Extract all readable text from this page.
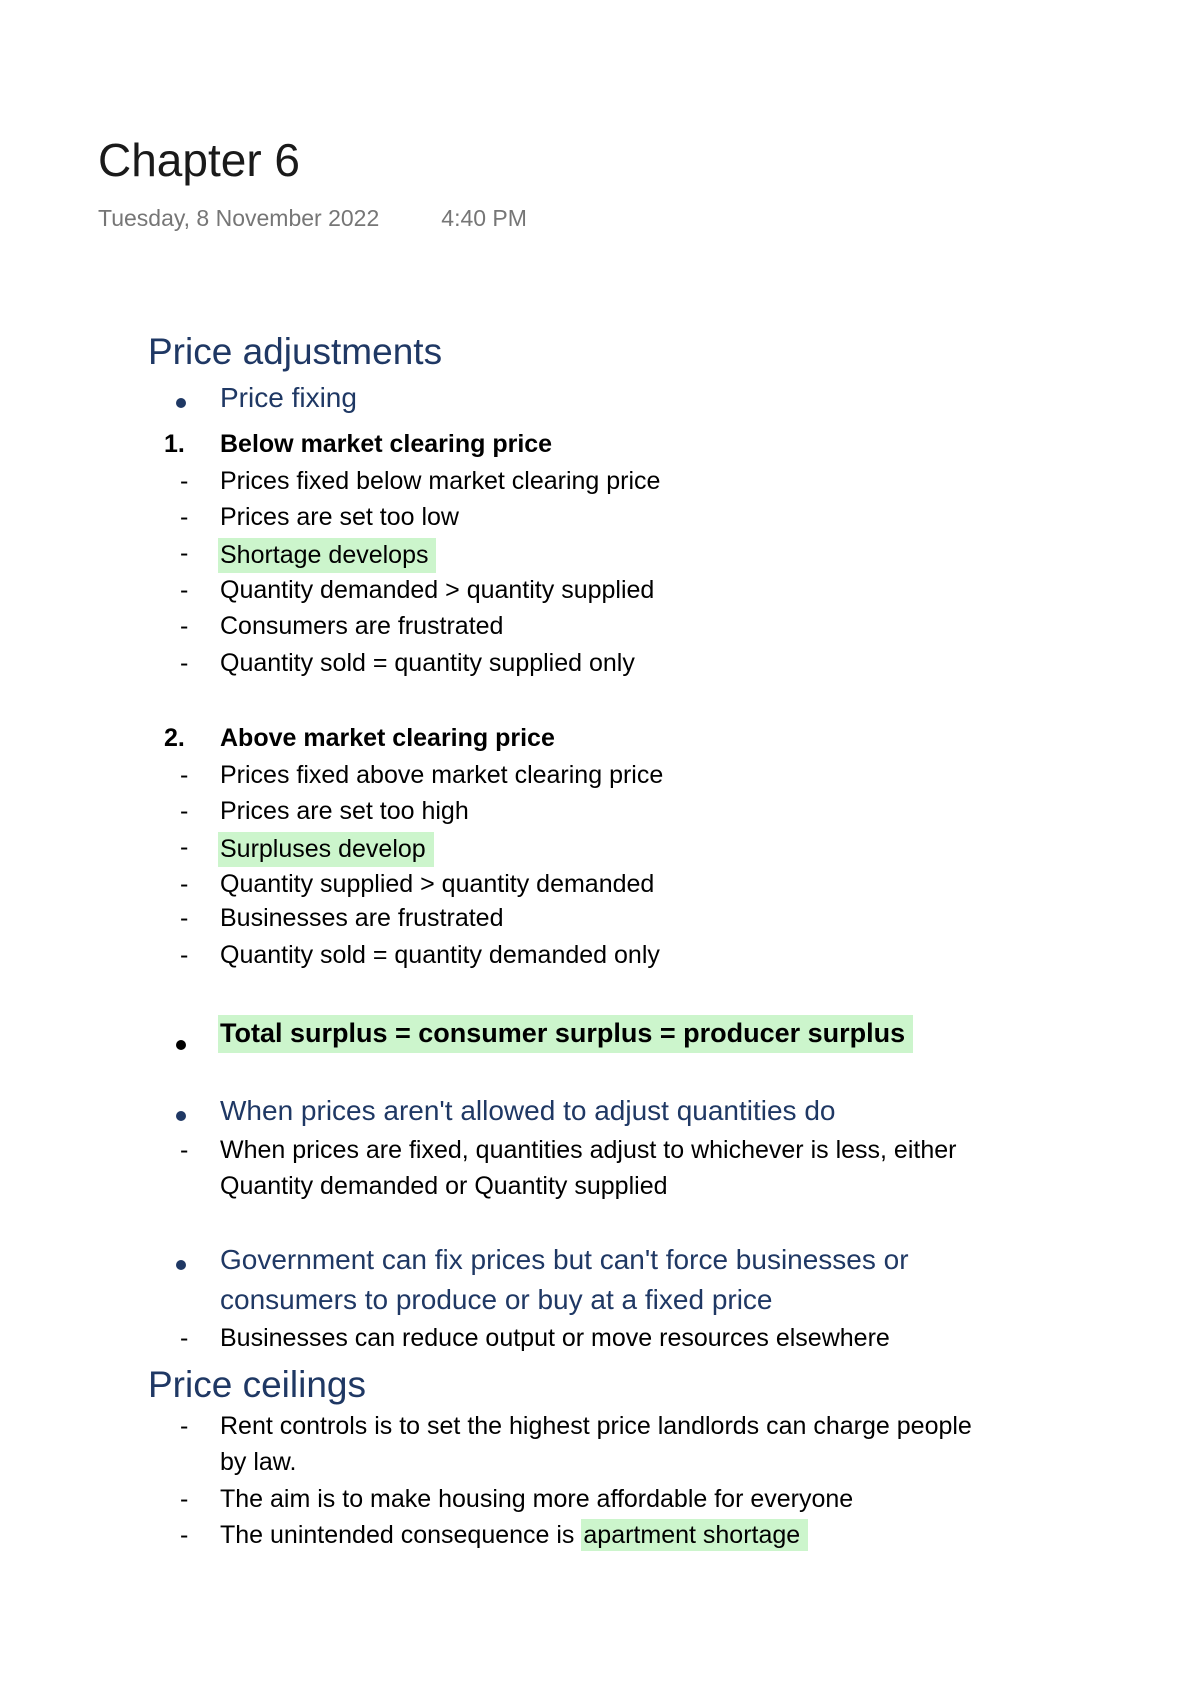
Chapter 6
Tuesday, 8 November 2022	4:40 PM
Price adjustments
Price fixing
1. Below market clearing price
- Prices fixed below market clearing price
- Prices are set too low
- Shortage develops
- Quantity demanded > quantity supplied
- Consumers are frustrated
- Quantity sold = quantity supplied only
2. Above market clearing price
- Prices fixed above market clearing price
- Prices are set too high
- Surpluses develop
- Quantity supplied > quantity demanded
- Businesses are frustrated
- Quantity sold = quantity demanded only
Total surplus = consumer surplus = producer surplus
When prices aren't allowed to adjust quantities do
- When prices are fixed, quantities adjust to whichever is less, either
Quantity demanded or Quantity supplied
Government can fix prices but can't force businesses or
consumers to produce or buy at a fixed price
- Businesses can reduce output or move resources elsewhere
Price ceilings
- Rent controls is to set the highest price landlords can charge people
by law.
- The aim is to make housing more affordable for everyone
- The unintended consequence is apartment shortage
